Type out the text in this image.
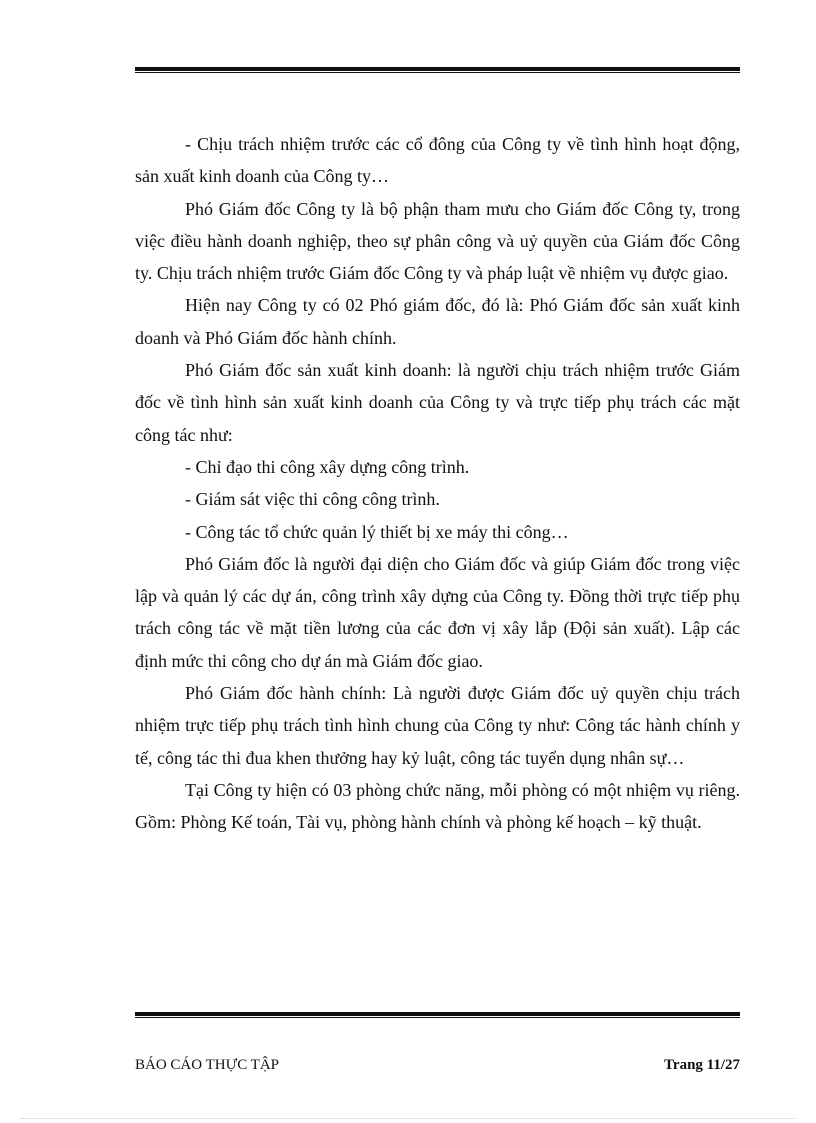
- Chịu trách nhiệm trước các cổ đông của Công ty về tình hình hoạt động, sản xuất kinh doanh của Công ty…

Phó Giám đốc Công ty là bộ phận tham mưu cho Giám đốc Công ty, trong việc điều hành doanh nghiệp, theo sự phân công và uỷ quyền của Giám đốc Công ty. Chịu trách nhiệm trước Giám đốc Công ty và pháp luật về nhiệm vụ được giao.

Hiện nay Công ty có 02 Phó giám đốc, đó là: Phó Giám đốc sản xuất kinh doanh và Phó Giám đốc hành chính.

Phó Giám đốc sản xuất kinh doanh: là người chịu trách nhiệm trước Giám đốc về tình hình sản xuất kinh doanh của Công ty và trực tiếp phụ trách các mặt công tác như:

- Chỉ đạo thi công xây dựng công trình.

- Giám sát việc thi công công trình.

- Công tác tổ chức quản lý thiết bị xe máy thi công…

Phó Giám đốc là người đại diện cho Giám đốc và giúp Giám đốc trong việc lập và quản lý các dự án, công trình xây dựng của Công ty. Đồng thời trực tiếp phụ trách công tác về mặt tiền lương của các đơn vị xây lắp (Đội sản xuất). Lập các định mức thi công cho dự án mà Giám đốc giao.

Phó Giám đốc hành chính: Là người được Giám đốc uỷ quyền chịu trách nhiệm trực tiếp phụ trách tình hình chung của Công ty như: Công tác hành chính y tế, công tác thi đua khen thưởng hay kỷ luật, công tác tuyển dụng nhân sự…

Tại Công ty hiện có 03 phòng chức năng, mỗi phòng có một nhiệm vụ riêng. Gồm: Phòng Kế toán, Tài vụ, phòng hành chính và phòng kế hoạch – kỹ thuật.

BÁO CÁO THỰC TẬP	Trang 11/27
